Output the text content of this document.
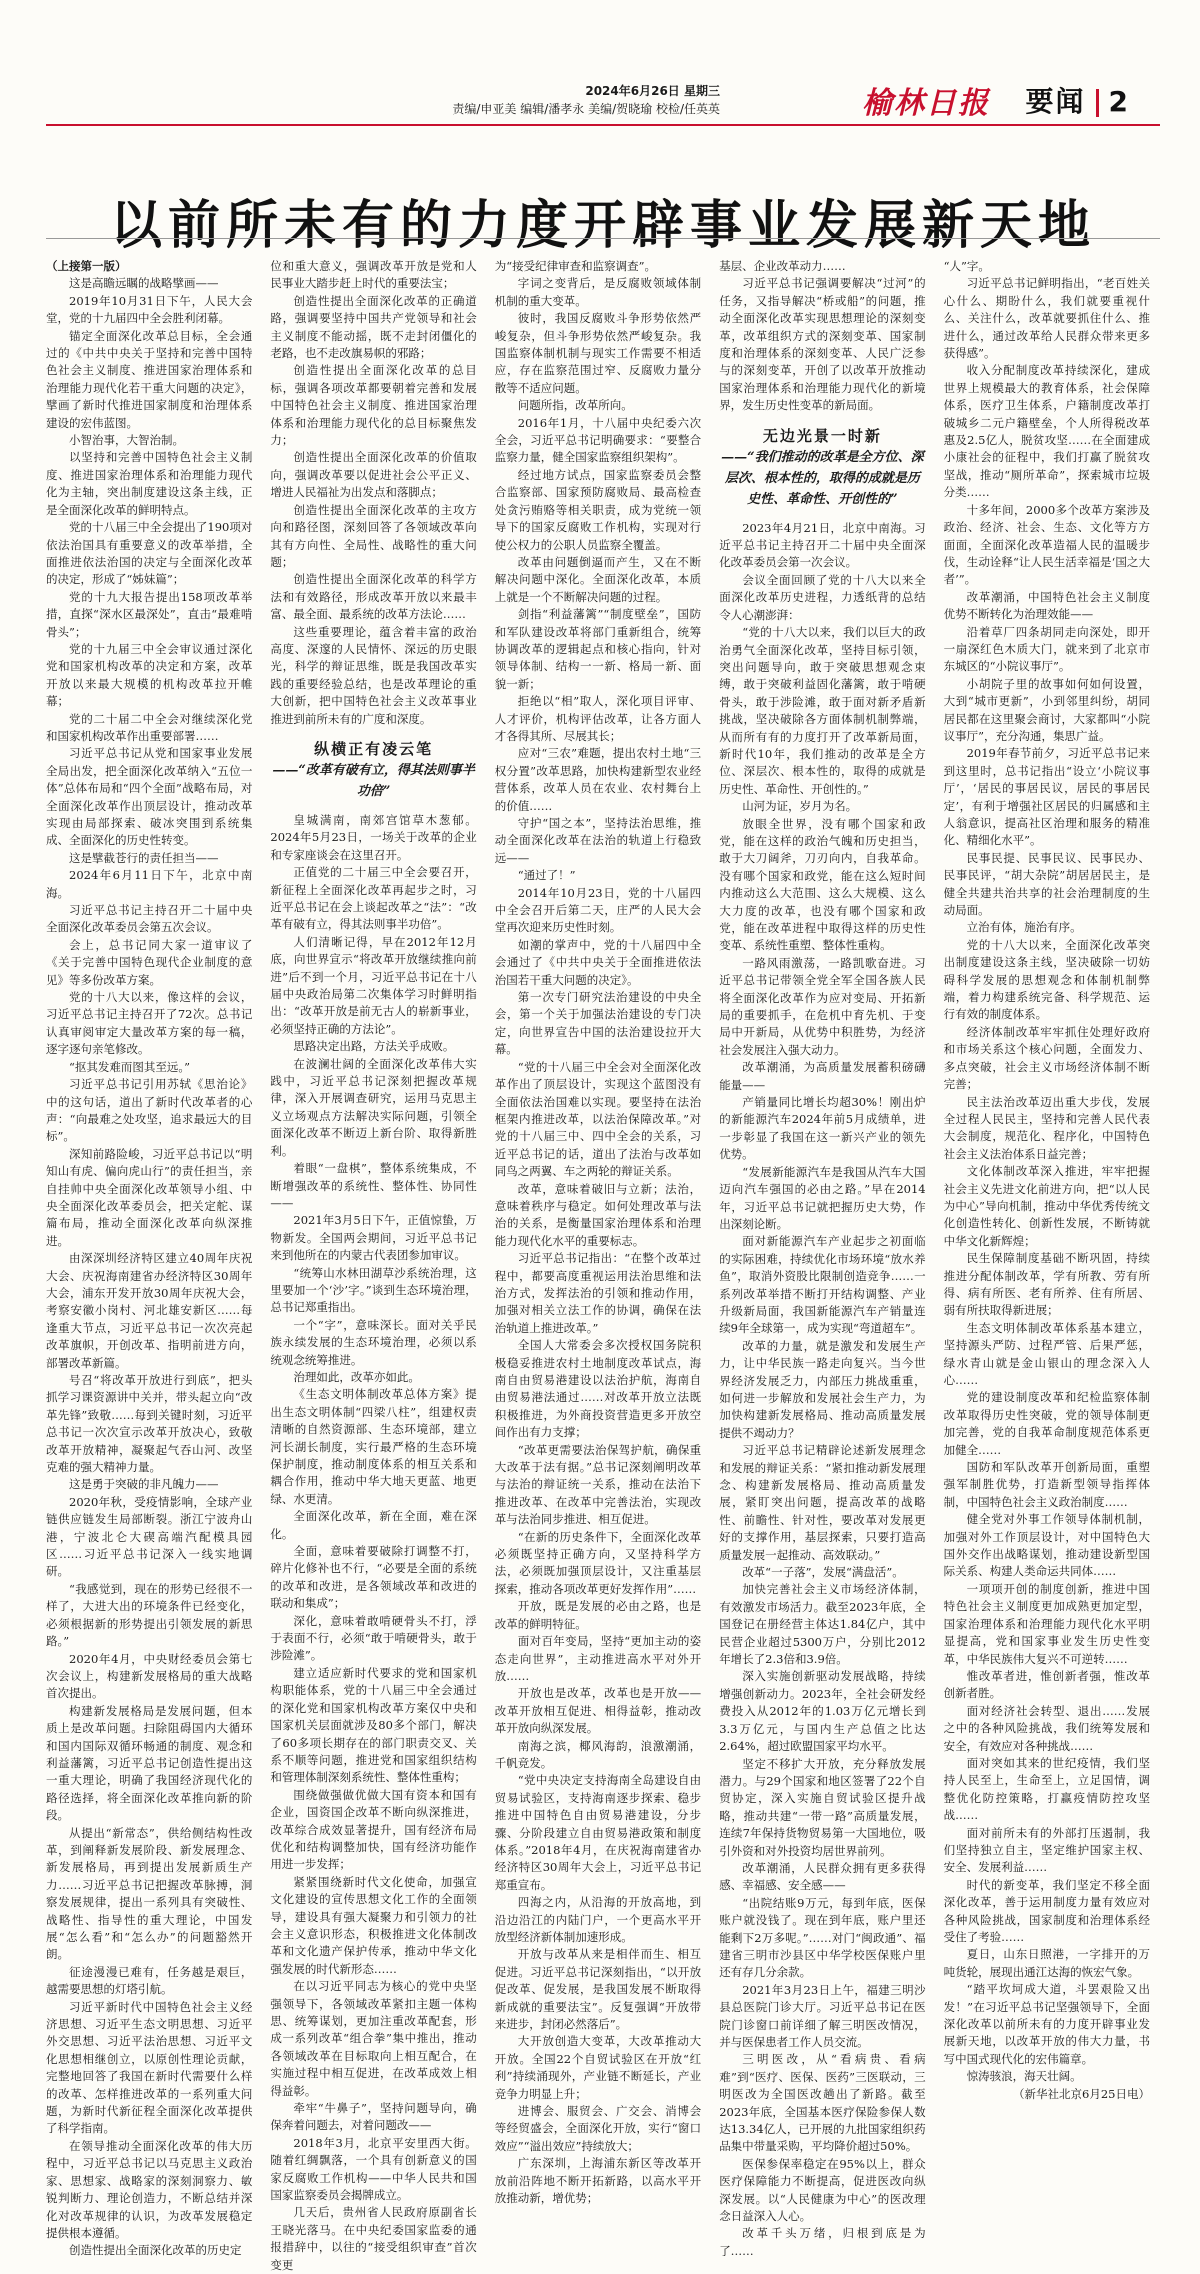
2024年6月26日 星期三
责编/申亚美 编辑/潘孝永 美编/贺晓瑜 校检/任英英	榆林日报 要闻 2
以前所未有的力度开辟事业发展新天地

（上接第一版）

这是高瞻远瞩的战略擘画——

2019年10月31日下午，人民大会堂，党的十九届四中全会胜利闭幕。

锚定全面深化改革总目标，全会通过的《中共中央关于坚持和完善中国特色社会主义制度、推进国家治理体系和治理能力现代化若干重大问题的决定》，擘画了新时代推进国家制度和治理体系建设的宏伟蓝图。

小智治事，大智治制。

以坚持和完善中国特色社会主义制度、推进国家治理体系和治理能力现代化为主轴，突出制度建设这条主线，正是全面深化改革的鲜明特点。

党的十八届三中全会提出了190项对依法治国具有重要意义的改革举措，全面推进依法治国的决定与全面深化改革的决定，形成了“姊妹篇”；

党的十九大报告提出158项改革举措，直探“深水区最深处”，直击“最难啃骨头”；

党的十九届三中全会审议通过深化党和国家机构改革的决定和方案，改革开放以来最大规模的机构改革拉开帷幕；

党的二十届二中全会对继续深化党和国家机构改革作出重要部署……

习近平总书记从党和国家事业发展全局出发，把全面深化改革纳入“五位一体”总体布局和“四个全面”战略布局，对全面深化改革作出顶层设计，推动改革实现由局部探索、破冰突围到系统集成、全面深化的历史性转变。

这是擘截苍行的责任担当——

2024年6月11日下午，北京中南海。

习近平总书记主持召开二十届中央全面深化改革委员会第五次会议。

会上，总书记同大家一道审议了《关于完善中国特色现代企业制度的意见》等多份改革方案。

党的十八大以来，像这样的会议，习近平总书记主持召开了72次。总书记认真审阅审定大量改革方案的每一稿，逐字逐句亲笔修改。

“抠其发难而图其至远。”

习近平总书记引用苏轼《思治论》中的这句话，道出了新时代改革者的心声：“向最难之处攻坚，追求最远大的目标”。

深知前路险峻，习近平总书记以“明知山有虎、偏向虎山行”的责任担当，亲自挂帅中央全面深化改革领导小组、中央全面深化改革委员会，把关定舵、谋篇布局，推动全面深化改革向纵深推进。

由深深圳经济特区建立40周年庆祝大会、庆祝海南建省办经济特区30周年大会，浦东开发开放30周年庆祝大会，考察安徽小岗村、河北雄安新区……每逢重大节点，习近平总书记一次次亮起改革旗帜，开创改革、指明前进方向，部署改革新篇。

号召“将改革开放进行到底”，把头抓学习课资源讲中关并，带头起立向“改革先锋”致敬……每到关键时刻，习近平总书记一次次宣示改革开放决心，致敬改革开放精神，凝聚起气吞山河、改坚克难的强大精神力量。

这是勇于突破的非凡魄力——

2020年秋，受疫情影响，全球产业链供应链发生局部断裂。浙江宁波舟山港，宁波北仑大碶高端汽配模具园区……习近平总书记深入一线实地调研。

“我感觉到，现在的形势已经很不一样了，大进大出的环境条件已经变化，必须根据新的形势提出引领发展的新思路。”

2020年4月，中央财经委员会第七次会议上，构建新发展格局的重大战略首次提出。

构建新发展格局是发展问题，但本质上是改革问题。扫除阻碍国内大循环和国内国际双循环畅通的制度、观念和利益藩篱，习近平总书记创造性提出这一重大理论，明确了我国经济现代化的路径选择，将全面深化改革推向新的阶段。

从提出“新常态”，供给侧结构性改革，到阐释新发展阶段、新发展理念、新发展格局，再到提出发展新质生产力……习近平总书记把握改革脉搏，洞察发展规律，提出一系列具有突破性、战略性、指导性的重大理论，中国发展“怎么看”和“怎么办”的问题豁然开朗。

征途漫漫已难有，任务越是艰巨，越需要思想的灯塔引航。

习近平新时代中国特色社会主义经济思想、习近平生态文明思想、习近平外交思想、习近平法治思想、习近平文化思想相继创立，以原创性理论贡献，完整地回答了我国在新时代需要什么样的改革、怎样推进改革的一系列重大问题，为新时代新征程全面深化改革提供了科学指南。

在领导推动全面深化改革的伟大历程中，习近平总书记以马克思主义政治家、思想家、战略家的深刻洞察力、敏锐判断力、理论创造力，不断总结并深化对改革规律的认识，为改革发展稳定提供根本遵循。

创造性提出全面深化改革的历史定

位和重大意义，强调改革开放是党和人民事业大踏步赶上时代的重要法宝；

创造性提出全面深化改革的正确道路，强调要坚持中国共产党领导和社会主义制度不能动摇，既不走封闭僵化的老路，也不走改旗易帜的邪路；

创造性提出全面深化改革的总目标，强调各项改革都要朝着完善和发展中国特色社会主义制度、推进国家治理体系和治理能力现代化的总目标聚焦发力；

创造性提出全面深化改革的价值取向，强调改革要以促进社会公平正义、增进人民福祉为出发点和落脚点；

创造性提出全面深化改革的主攻方向和路径图，深刻回答了各领域改革向其有方向性、全局性、战略性的重大问题；

创造性提出全面深化改革的科学方法和有效路径，形成改革开放以来最丰富、最全面、最系统的改革方法论……

这些重要理论，蕴含着丰富的政治高度、深邃的人民情怀、深远的历史眼光，科学的辩证思维，既是我国改革实践的重要经验总结，也是改革理论的重大创新，把中国特色社会主义改革事业推进到前所未有的广度和深度。

纵横正有凌云笔
——“改革有破有立，得其法则事半功倍”

皇城满南，南郊宫馆草木葱郁。2024年5月23日，一场关于改革的企业和专家座谈会在这里召开。

正值党的二十届三中全会要召开，新征程上全面深化改革再起步之时，习近平总书记在会上谈起改革之“法”：“改革有破有立，得其法则事半功倍”。

人们清晰记得，早在2012年12月底，向世界宣示“将改革开放继续推向前进”后不到一个月，习近平总书记在十八届中央政治局第二次集体学习时鲜明指出：“改革开放是前无古人的崭新事业，必须坚持正确的方法论”。

思路决定出路，方法关乎成败。

在波澜壮阔的全面深化改革伟大实践中，习近平总书记深刻把握改革规律，深入开展调查研究，运用马克思主义立场观点方法解决实际问题，引领全面深化改革不断迈上新台阶、取得新胜利。

着眼“一盘棋”，整体系统集成，不断增强改革的系统性、整体性、协同性——

2021年3月5日下午，正值惊蛰，万物新发。全国两会期间，习近平总书记来到他所在的内蒙古代表团参加审议。

“统筹山水林田湖草沙系统治理，这里要加一个‘沙’字。”谈到生态环境治理，总书记郑重指出。

一个“字”，意味深长。面对关乎民族永续发展的生态环境治理，必须以系统观念统筹推进。

治理如此，改革亦如此。

《生态文明体制改革总体方案》提出生态文明体制“四梁八柱”，组建权责清晰的自然资源部、生态环境部，建立河长湖长制度，实行最严格的生态环境保护制度，推动制度体系的相互关系和耦合作用，推动中华大地天更蓝、地更绿、水更清。

全面深化改革，新在全面，难在深化。

全面，意味着要破除打调整不打，碎片化修补也不行，“必要是全面的系统的改革和改进，是各领域改革和改进的联动和集成”；

深化，意味着敢啃硬骨头不打，浮于表面不行，必须“敢于啃硬骨头，敢于涉险滩”。

建立适应新时代要求的党和国家机构职能体系，党的十八届三中全会通过的深化党和国家机构改革方案仅中央和国家机关层面就涉及80多个部门，解决了60多项长期存在的部门职责交叉、关系不顺等问题，推进党和国家组织结构和管理体制深刻系统性、整体性重构；

围绕做强做优做大国有资本和国有企业，国资国企改革不断向纵深推进，改革综合成效显著提升，国有经济布局优化和结构调整加快，国有经济功能作用进一步发挥；

紧紧围绕新时代文化使命，加强宣文化建设的宣传思想文化工作的全面领导，建设具有强大凝聚力和引领力的社会主义意识形态，积极推进文化体制改革和文化遗产保护传承，推动中华文化强发展的时代新形态……

在以习近平同志为核心的党中央坚强领导下，各领域改革紧扣主题一体构思、统筹谋划，更加注重改革配套，形成一系列改革“组合拳”集中推出，推动各领域改革在目标取向上相互配合，在实施过程中相互促进，在改革成效上相得益彰。

牵牢“牛鼻子”，坚持问题导向，确保奔着问题去，对着问题改——

2018年3月，北京平安里西大街。随着红绸飘落，一个具有创新意义的国家反腐败工作机构——中华人民共和国国家监察委员会揭牌成立。

几天后，贵州省人民政府原副省长王晓光落马。在中央纪委国家监委的通报措辞中，以往的“接受组织审查”首次变更

为“接受纪律审查和监察调查”。

字词之变背后，是反腐败领域体制机制的重大变革。

彼时，我国反腐败斗争形势依然严峻复杂，但斗争形势依然严峻复杂。我国监察体制机制与现实工作需要不相适应，存在监察范围过窄、反腐败力量分散等不适应问题。

问题所指，改革所向。

2016年1月，十八届中央纪委六次全会，习近平总书记明确要求：“要整合监察力量，健全国家监察组织架构”。

经过地方试点，国家监察委员会整合监察部、国家预防腐败局、最高检查处贪污贿赂等相关职责，成为党统一领导下的国家反腐败工作机构，实现对行使公权力的公职人员监察全覆盖。

改革由问题倒逼而产生，又在不断解决问题中深化。全面深化改革，本质上就是一个不断解决问题的过程。

剑指“利益藩篱”“制度壁垒”，国防和军队建设改革将部门重新组合，统筹协调改革的逻辑起点和核心指向，针对领导体制、结构一一新、格局一新、面貌一新；

拒绝以“相”取人，深化项目评审、人才评价，机构评估改革，让各方面人才各得其所、尽展其长；

应对“三农”难题，提出农村土地“三权分置”改革思路，加快构建新型农业经营体系，改革人员在农业、农村舞台上的价值……

守护“国之本”，坚持法治思维，推动全面深化改革在法治的轨道上行稳致远——

“通过了！”

2014年10月23日，党的十八届四中全会召开后第二天，庄严的人民大会堂再次迎来历史性时刻。

如潮的掌声中，党的十八届四中全会通过了《中共中央关于全面推进依法治国若干重大问题的决定》。

第一次专门研究法治建设的中央全会，第一个关于加强法治建设的专门决定，向世界宣告中国的法治建设拉开大幕。

“党的十八届三中全会对全面深化改革作出了顶层设计，实现这个蓝图没有全面依法治国难以实现。要坚持在法治框架内推进改革，以法治保障改革。”对党的十八届三中、四中全会的关系，习近平总书记的话，道出了法治与改革如同鸟之两翼、车之两轮的辩证关系。

改革，意味着破旧与立新；法治，意味着秩序与稳定。如何处理改革与法治的关系，是衡量国家治理体系和治理能力现代化水平的重要标志。

习近平总书记指出：“在整个改革过程中，都要高度重视运用法治思维和法治方式，发挥法治的引领和推动作用，加强对相关立法工作的协调，确保在法治轨道上推进改革。”

全国人大常委会多次授权国务院积极稳妥推进农村土地制度改革试点，海南自由贸易港建设以法治护航，海南自由贸易港法通过……对改革开放立法既积极推进，为外商投资营造更多开放空间作出有力支撑；

“改革更需要法治保驾护航，确保重大改革于法有据。”总书记深刻阐明改革与法治的辩证统一关系，推动在法治下推进改革、在改革中完善法治，实现改革与法治同步推进、相互促进。

“在新的历史条件下，全面深化改革必须既坚持正确方向，又坚持科学方法，必须既加强顶层设计，又注重基层探索，推动各项改革更好发挥作用”……

开放，既是发展的必由之路，也是改革的鲜明特征。

面对百年变局，坚持“更加主动的姿态走向世界”，主动推进高水平对外开放……

开放也是改革，改革也是开放——改革开放相互促进、相得益彰，推动改革开放向纵深发展。

南海之滨，椰风海韵，浪激潮涌，千帆竞发。

“党中央决定支持海南全岛建设自由贸易试验区，支持海南逐步探索、稳步推进中国特色自由贸易港建设，分步骤、分阶段建立自由贸易港政策和制度体系。”2018年4月，在庆祝海南建省办经济特区30周年大会上，习近平总书记郑重宣布。

四海之内，从沿海的开放高地，到沿边沿江的内陆门户，一个更高水平开放型经济新体制加速形成。

开放与改革从来是相伴而生、相互促进。习近平总书记深刻指出，“以开放促改革、促发展，是我国发展不断取得新成就的重要法宝”。反复强调“开放带来进步，封闭必然落后”。

大开放创造大变革，大改革推动大开放。全国22个自贸试验区在开放“红利”持续涌现外，产业链不断延长，产业竞争力明显上升；

进博会、服贸会、广交会、消博会等经贸盛会，全面深化开放，实行“窗口效应”“溢出效应”持续放大；

广东深圳，上海浦东新区等改革开放前沿阵地不断开拓新路，以高水平开放推动新，增优势；

基层、企业改革动力……

习近平总书记强调要解决“过河”的任务，又指导解决“桥或船”的问题，推动全面深化改革实现思想理论的深刻变革，改革组织方式的深刻变革、国家制度和治理体系的深刻变革、人民广泛参与的深刻变革，开创了以改革开放推动国家治理体系和治理能力现代化的新境界，发生历史性变革的新局面。

无边光景一时新
——“我们推动的改革是全方位、深层次、根本性的，取得的成就是历史性、革命性、开创性的”

2023年4月21日，北京中南海。习近平总书记主持召开二十届中央全面深化改革委员会第一次会议。

会议全面回顾了党的十八大以来全面深化改革历史进程，力透纸背的总结令人心潮澎湃：

“党的十八大以来，我们以巨大的政治勇气全面深化改革，坚持目标引领，突出问题导向，敢于突破思想观念束缚，敢于突破利益固化藩篱，敢于啃硬骨头，敢于涉险滩，敢于面对新矛盾新挑战，坚决破除各方面体制机制弊端，从而所有有的力度打开了改革新局面，新时代10年，我们推动的改革是全方位、深层次、根本性的，取得的成就是历史性、革命性、开创性的。”

山河为证，岁月为名。

放眼全世界，没有哪个国家和政党，能在这样的政治气魄和历史担当，敢于大刀阔斧，刀刃向内，自我革命。没有哪个国家和政党，能在这么短时间内推动这么大范围、这么大规模、这么大力度的改革，也没有哪个国家和政党，能在改革进程中取得这样的历史性变革、系统性重塑、整体性重构。

一路风雨激荡，一路凯歌奋进。习近平总书记带领全党全军全国各族人民将全面深化改革作为应对变局、开拓新局的重要抓手，在危机中育先机、于变局中开新局，从优势中积胜势，为经济社会发展注入强大动力。

改革潮涌，为高质量发展蓄积磅礴能量——

产销量同比增长均超30%！刚出炉的新能源汽车2024年前5月成绩单，进一步彰显了我国在这一新兴产业的领先优势。

“发展新能源汽车是我国从汽车大国迈向汽车强国的必由之路。”早在2014年，习近平总书记就把握历史大势，作出深刻论断。

面对新能源汽车产业起步之初面临的实际困难，持续优化市场环境“放水养鱼”，取消外资股比限制创造竞争……一系列改革举措不断打开结构调整、产业升级新局面，我国新能源汽车产销量连续9年全球第一，成为实现“弯道超车”。

改革的力量，就是激发和发展生产力，让中华民族一路走向复兴。当今世界经济发展乏力，内部压力挑战重重，如何进一步解放和发展社会生产力，为加快构建新发展格局、推动高质量发展提供不竭动力？

习近平总书记精辟论述新发展理念和发展的辩证关系：“紧扣推动新发展理念、构建新发展格局、推动高质量发展，紧盯突出问题，提高改革的战略性、前瞻性、针对性，要改革对发展更好的支撑作用，基层探索，只要打造高质量发展一起推动、高效联动。”

改革“一子落”，发展“满盘活”。

加快完善社会主义市场经济体制，有效激发市场活力。截至2023年底，全国登记在册经营主体达1.84亿户，其中民营企业超过5300万户，分别比2012年增长了2.3倍和3.9倍。

深入实施创新驱动发展战略，持续增强创新动力。2023年，全社会研发经费投入从2012年的1.03万亿元增长到3.3万亿元，与国内生产总值之比达2.64%，超过欧盟国家平均水平。

坚定不移扩大开放，充分释放发展潜力。与29个国家和地区签署了22个自贸协定，深入实施自贸试验区提升战略，推动共建“一带一路”高质量发展，连续7年保持货物贸易第一大国地位，吸引外资和对外投资均居世界前列。

改革潮涌，人民群众拥有更多获得感、幸福感、安全感——

“出院结账9万元，每到年底，医保账户就没钱了。现在到年底，账户里还能剩下2万多呢。”……对门“闽政通”、福建省三明市沙县区中华学校医保账户里还有存几分余款。

2021年3月23日上午，福建三明沙县总医院门诊大厅。习近平总书记在医院门诊窗口前详细了解三明医改情况，并与医保患者工作人员交流。

三明医改，从“看病贵、看病难”到“医疗、医保、医药”三医联动，三明医改为全国医改趟出了新路。截至2023年底，全国基本医疗保险参保人数达13.34亿人，已开展的九批国家组织药品集中带量采购，平均降价超过50%。

医保参保率稳定在95%以上，群众医疗保障能力不断提高，促进医改向纵深发展。以“人民健康为中心”的医改理念日益深入人心。

改革千头万绪，归根到底是为了……

“人”字。

习近平总书记鲜明指出，“老百姓关心什么、期盼什么，我们就要重视什么、关注什么，改革就要抓住什么、推进什么，通过改革给人民群众带来更多获得感”。

收入分配制度改革持续深化，建成世界上规模最大的教育体系，社会保障体系，医疗卫生体系，户籍制度改革打破城乡二元户籍壁垒，个人所得税改革惠及2.5亿人，脱贫攻坚……在全面建成小康社会的征程中，我们打赢了脱贫攻坚战，推动“厕所革命”，探索城市垃圾分类……

十多年间，2000多个改革方案涉及政治、经济、社会、生态、文化等方方面面，全面深化改革造福人民的温暖步伐，生动诠释“让人民生活幸福是‘国之大者’”。

改革潮涌，中国特色社会主义制度优势不断转化为治理效能——

沿着草厂四条胡同走向深处，即开一扇深红色木质大门，就来到了北京市东城区的“小院议事厅”。

小胡院子里的故事如何如何设置，大到“城市更新”，小到邻里纠纷，胡同居民都在这里聚会商讨，大家都叫“小院议事厅”，充分沟通，集思广益。

2019年春节前夕，习近平总书记来到这里时，总书记指出“设立‘小院议事厅’，‘居民的事居民议，居民的事居民定’，有利于增强社区居民的归属感和主人翁意识，提高社区治理和服务的精准化、精细化水平”。

民事民提、民事民议、民事民办、民事民评，“胡大杂院”胡居居民主，是健全共建共治共享的社会治理制度的生动局面。

立治有体，施治有序。

党的十八大以来，全面深化改革突出制度建设这条主线，坚决破除一切妨碍科学发展的思想观念和体制机制弊端，着力构建系统完备、科学规范、运行有效的制度体系。

经济体制改革牢牢抓住处理好政府和市场关系这个核心问题，全面发力、多点突破，社会主义市场经济体制不断完善；

民主法治改革迈出重大步伐，发展全过程人民民主，坚持和完善人民代表大会制度，规范化、程序化，中国特色社会主义法治体系日益完善；

文化体制改革深入推进，牢牢把握社会主义先进文化前进方向，把“以人民为中心”导向机制，推动中华优秀传统文化创造性转化、创新性发展，不断铸就中华文化新辉煌；

民生保障制度基础不断巩固，持续推进分配体制改革，学有所教、劳有所得、病有所医、老有所养、住有所居、弱有所扶取得新进展；

生态文明体制改革体系基本建立，坚持源头严防、过程严管、后果严惩，绿水青山就是金山银山的理念深入人心……

党的建设制度改革和纪检监察体制改革取得历史性突破，党的领导体制更加完善，党的自我革命制度规范体系更加健全……

国防和军队改革开创新局面，重塑强军制胜优势，打造新型领导指挥体制，中国特色社会主义政治制度……

健全党对外事工作领导体制机制，加强对外工作顶层设计，对中国特色大国外交作出战略谋划，推动建设新型国际关系、构建人类命运共同体……

一项项开创的制度创新，推进中国特色社会主义制度更加成熟更加定型，国家治理体系和治理能力现代化水平明显提高，党和国家事业发生历史性变革，中华民族伟大复兴不可逆转……

惟改革者进，惟创新者强，惟改革创新者胜。

面对经济社会转型、退出……发展之中的各种风险挑战，我们统筹发展和安全，有效应对各种挑战……

面对突如其来的世纪疫情，我们坚持人民至上，生命至上，立足国情，调整优化防控策略，打赢疫情防控攻坚战……

面对前所未有的外部打压遏制，我们坚持独立自主，坚定维护国家主权、安全、发展利益……

时代的新变革，我们坚定不移全面深化改革，善于运用制度力量有效应对各种风险挑战，国家制度和治理体系经受住了考验……

夏日，山东日照港，一字排开的万吨货轮，展现出通江达海的恢宏气象。

“踏平坎坷成大道，斗罢艰险又出发！”在习近平总书记坚强领导下，全面深化改革以前所未有的力度开辟事业发展新天地，以改革开放的伟大力量，书写中国式现代化的宏伟篇章。

惊涛骇浪，海天壮阔。

（新华社北京6月25日电）
